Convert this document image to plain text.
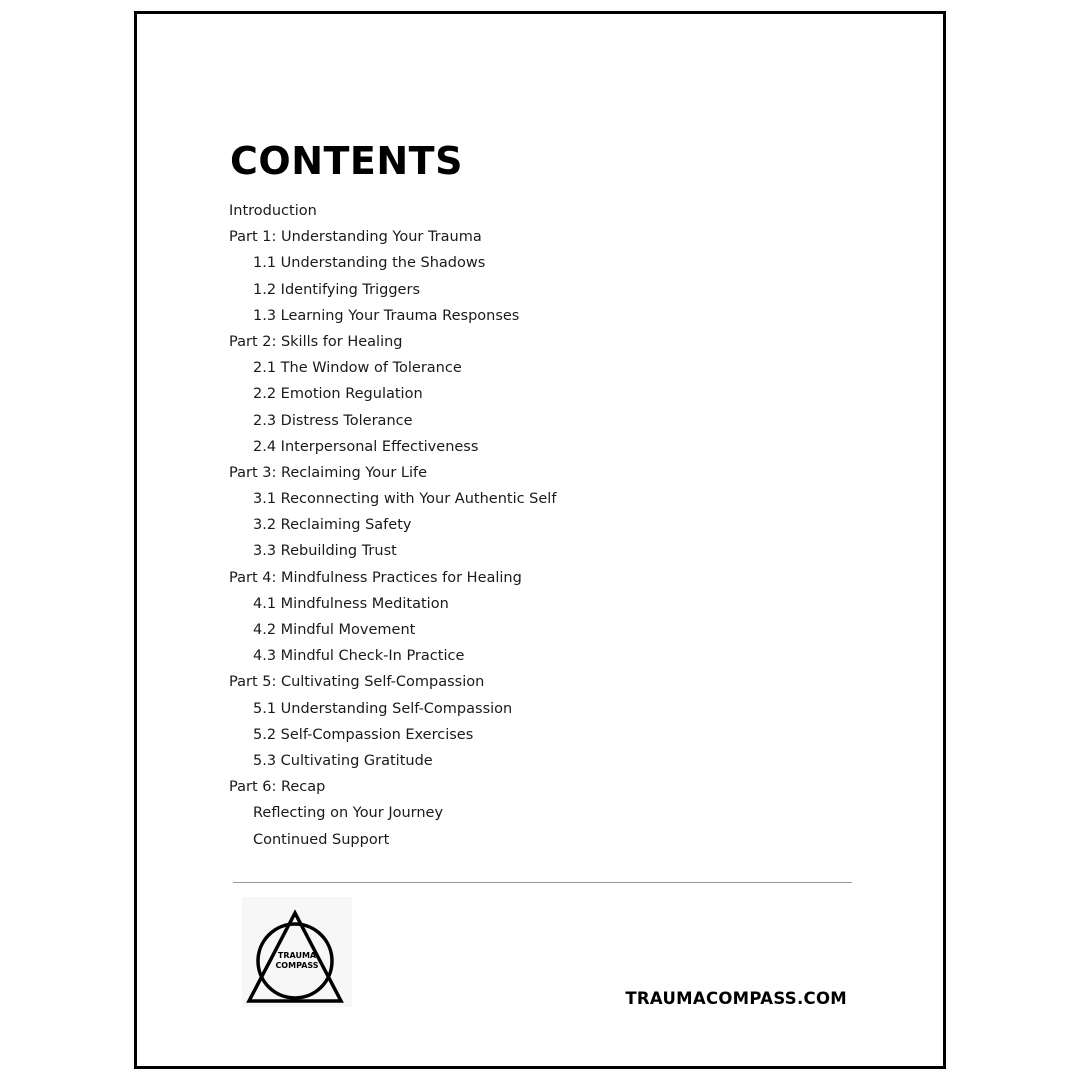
CONTENTS
Introduction
Part 1: Understanding Your Trauma
1.1 Understanding the Shadows
1.2 Identifying Triggers
1.3 Learning Your Trauma Responses
Part 2: Skills for Healing
2.1 The Window of Tolerance
2.2 Emotion Regulation
2.3 Distress Tolerance
2.4 Interpersonal Effectiveness
Part 3: Reclaiming Your Life
3.1 Reconnecting with Your Authentic Self
3.2 Reclaiming Safety
3.3 Rebuilding Trust
Part 4: Mindfulness Practices for Healing
4.1 Mindfulness Meditation
4.2 Mindful Movement
4.3 Mindful Check-In Practice
Part 5: Cultivating Self-Compassion
5.1 Understanding Self-Compassion
5.2 Self-Compassion Exercises
5.3 Cultivating Gratitude
Part 6: Recap
Reflecting on Your Journey
Continued Support
TRAUMA
COMPASS
TRAUMACOMPASS.COM
